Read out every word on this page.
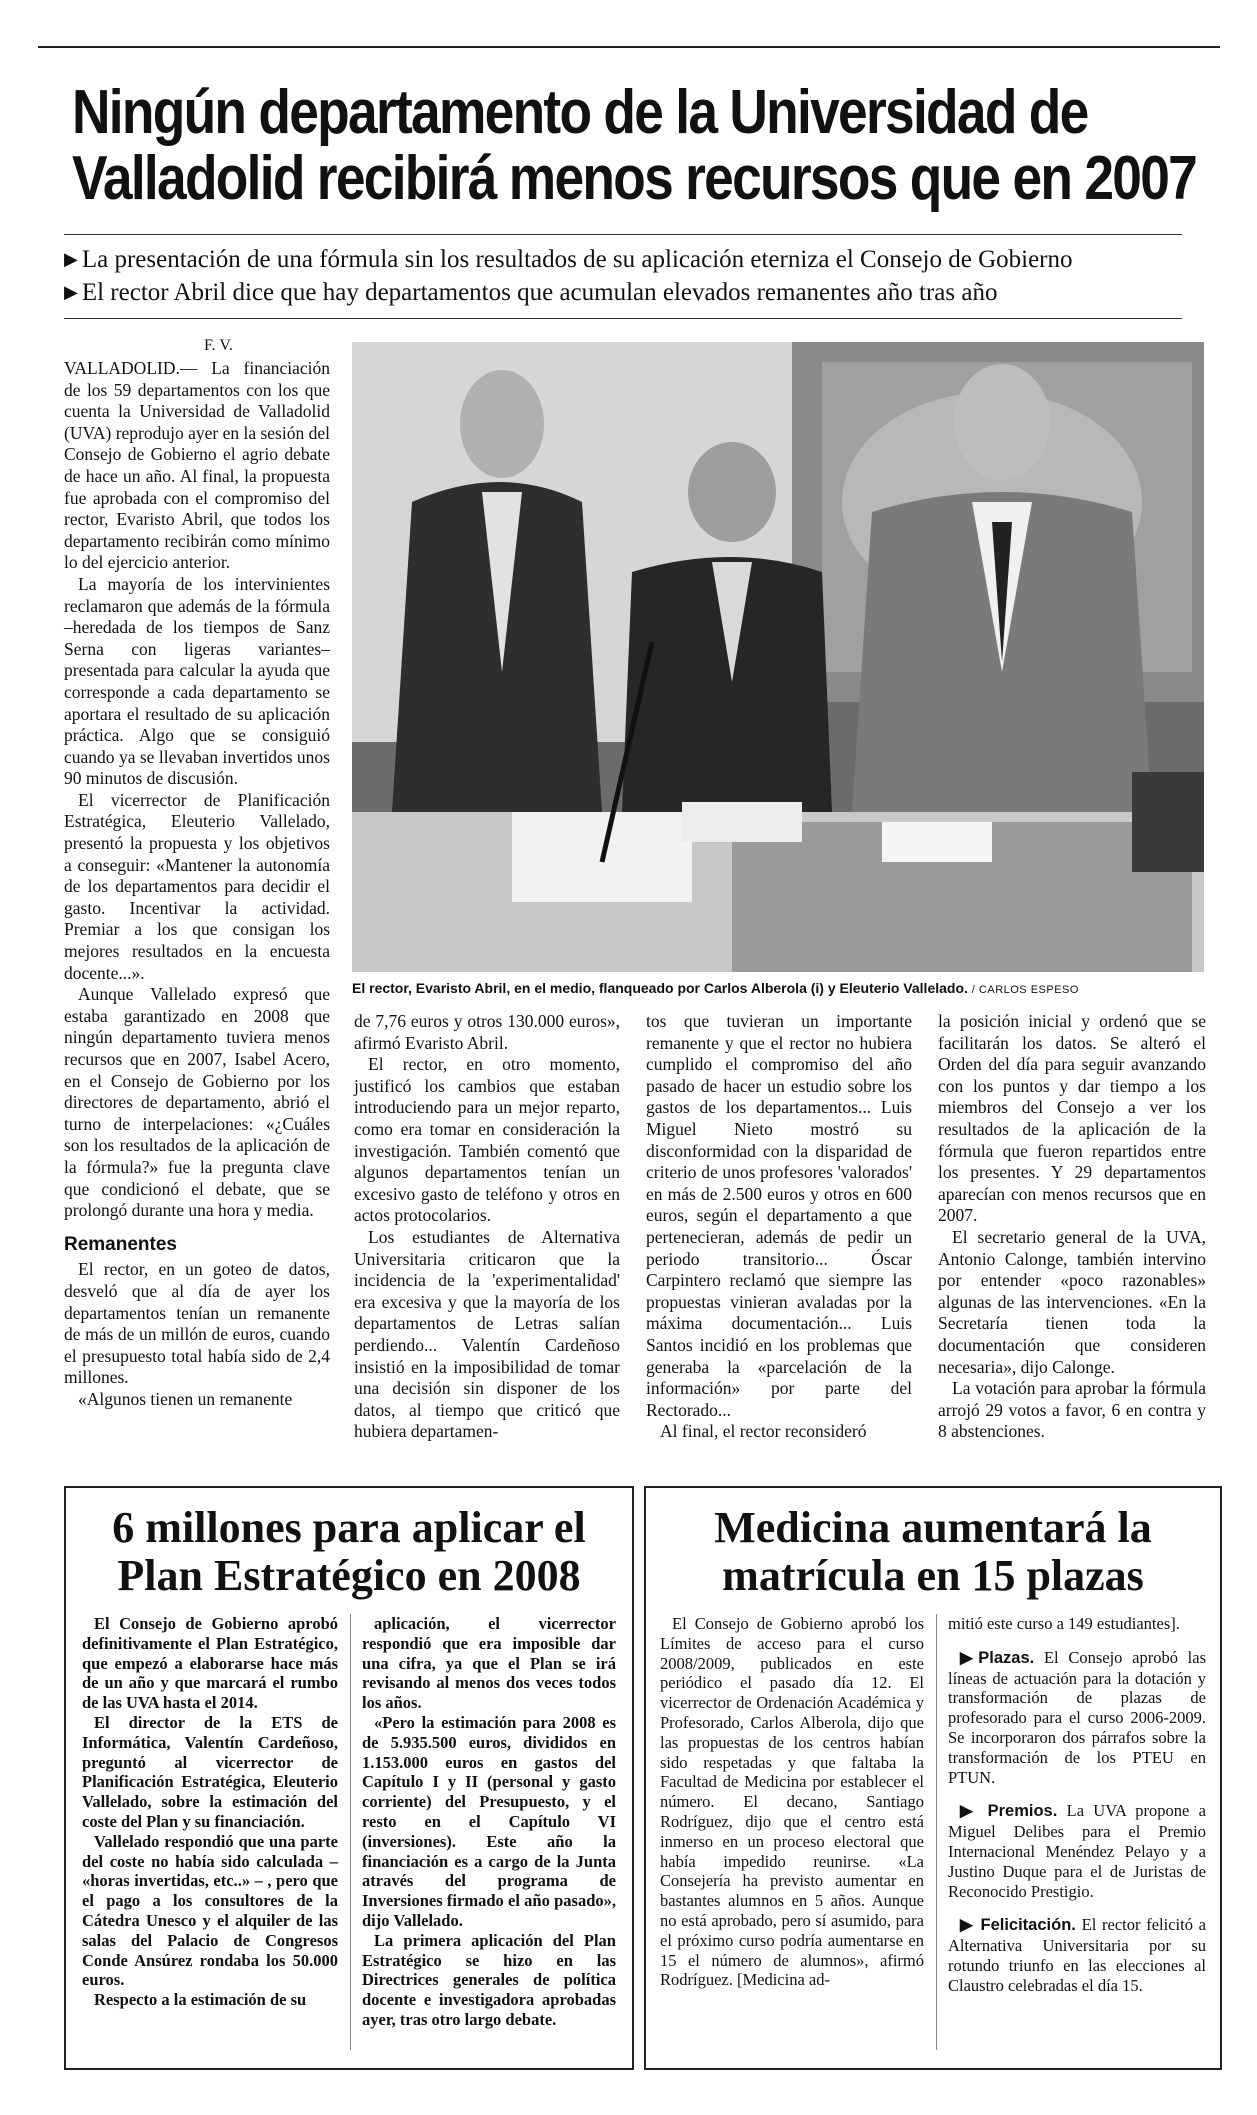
Ningún departamento de la Universidad de
Valladolid recibirá menos recursos que en 2007
▶ La presentación de una fórmula sin los resultados de su aplicación eterniza el Consejo de Gobierno
▶ El rector Abril dice que hay departamentos que acumulan elevados remanentes año tras año
F. V.

VALLADOLID.— La financiación de los 59 departamentos con los que cuenta la Universidad de Valladolid (UVA) reprodujo ayer en la sesión del Consejo de Gobierno el agrio debate de hace un año. Al final, la propuesta fue aprobada con el compromiso del rector, Evaristo Abril, que todos los departamento recibirán como mínimo lo del ejercicio anterior.

La mayoría de los intervinientes reclamaron que además de la fórmula –heredada de los tiempos de Sanz Serna con ligeras variantes– presentada para calcular la ayuda que corresponde a cada departamento se aportara el resultado de su aplicación práctica. Algo que se consiguió cuando ya se llevaban invertidos unos 90 minutos de discusión.

El vicerrector de Planificación Estratégica, Eleuterio Vallelado, presentó la propuesta y los objetivos a conseguir: «Mantener la autonomía de los departamentos para decidir el gasto. Incentivar la actividad. Premiar a los que consigan los mejores resultados en la encuesta docente...».

Aunque Vallelado expresó que estaba garantizado en 2008 que ningún departamento tuviera menos recursos que en 2007, Isabel Acero, en el Consejo de Gobierno por los directores de departamento, abrió el turno de interpelaciones: «¿Cuáles son los resultados de la aplicación de la fórmula?» fue la pregunta clave que condicionó el debate, que se prolongó durante una hora y media.

Remanentes

El rector, en un goteo de datos, desveló que al día de ayer los departamentos tenían un remanente de más de un millón de euros, cuando el presupuesto total había sido de 2,4 millones.

«Algunos tienen un remanente

El rector, Evaristo Abril, en el medio, flanqueado por Carlos Alberola (i) y Eleuterio Vallelado. / CARLOS ESPESO

de 7,76 euros y otros 130.000 euros», afirmó Evaristo Abril.

El rector, en otro momento, justificó los cambios que estaban introduciendo para un mejor reparto, como era tomar en consideración la investigación. También comentó que algunos departamentos tenían un excesivo gasto de teléfono y otros en actos protocolarios.

Los estudiantes de Alternativa Universitaria criticaron que la incidencia de la 'experimentalidad' era excesiva y que la mayoría de los departamentos de Letras salían perdiendo... Valentín Cardeñoso insistió en la imposibilidad de tomar una decisión sin disponer de los datos, al tiempo que criticó que hubiera departamen-

tos que tuvieran un importante remanente y que el rector no hubiera cumplido el compromiso del año pasado de hacer un estudio sobre los gastos de los departamentos... Luis Miguel Nieto mostró su disconformidad con la disparidad de criterio de unos profesores 'valorados' en más de 2.500 euros y otros en 600 euros, según el departamento a que pertenecieran, además de pedir un periodo transitorio... Óscar Carpintero reclamó que siempre las propuestas vinieran avaladas por la máxima documentación... Luis Santos incidió en los problemas que generaba la «parcelación de la información» por parte del Rectorado...

Al final, el rector reconsideró

la posición inicial y ordenó que se facilitarán los datos. Se alteró el Orden del día para seguir avanzando con los puntos y dar tiempo a los miembros del Consejo a ver los resultados de la aplicación de la fórmula que fueron repartidos entre los presentes. Y 29 departamentos aparecían con menos recursos que en 2007.

El secretario general de la UVA, Antonio Calonge, también intervino por entender «poco razonables» algunas de las intervenciones. «En la Secretaría tienen toda la documentación que consideren necesaria», dijo Calonge.

La votación para aprobar la fórmula arrojó 29 votos a favor, 6 en contra y 8 abstenciones.

6 millones para aplicar el
Plan Estratégico en 2008

El Consejo de Gobierno aprobó definitivamente el Plan Estratégico, que empezó a elaborarse hace más de un año y que marcará el rumbo de las UVA hasta el 2014.

El director de la ETS de Informática, Valentín Cardeñoso, preguntó al vicerrector de Planificación Estratégica, Eleuterio Vallelado, sobre la estimación del coste del Plan y su financiación.

Vallelado respondió que una parte del coste no había sido calculada – «horas invertidas, etc..» – , pero que el pago a los consultores de la Cátedra Unesco y el alquiler de las salas del Palacio de Congresos Conde Ansúrez rondaba los 50.000 euros.

Respecto a la estimación de su

aplicación, el vicerrector respondió que era imposible dar una cifra, ya que el Plan se irá revisando al menos dos veces todos los años.

«Pero la estimación para 2008 es de 5.935.500 euros, divididos en 1.153.000 euros en gastos del Capítulo I y II (personal y gasto corriente) del Presupuesto, y el resto en el Capítulo VI (inversiones). Este año la financiación es a cargo de la Junta através del programa de Inversiones firmado el año pasado», dijo Vallelado.

La primera aplicación del Plan Estratégico se hizo en las Directrices generales de política docente e investigadora aprobadas ayer, tras otro largo debate.

Medicina aumentará la
matrícula en 15 plazas

El Consejo de Gobierno aprobó los Límites de acceso para el curso 2008/2009, publicados en este periódico el pasado día 12. El vicerrector de Ordenación Académica y Profesorado, Carlos Alberola, dijo que las propuestas de los centros habían sido respetadas y que faltaba la Facultad de Medicina por establecer el número. El decano, Santiago Rodríguez, dijo que el centro está inmerso en un proceso electoral que había impedido reunirse. «La Consejería ha previsto aumentar en bastantes alumnos en 5 años. Aunque no está aprobado, pero sí asumido, para el próximo curso podría aumentarse en 15 el número de alumnos», afirmó Rodríguez. [Medicina ad-

mitió este curso a 149 estudiantes].

▶Plazas. El Consejo aprobó las líneas de actuación para la dotación y transformación de plazas de profesorado para el curso 2006-2009. Se incorporaron dos párrafos sobre la transformación de los PTEU en PTUN.

▶ Premios. La UVA propone a Miguel Delibes para el Premio Internacional Menéndez Pelayo y a Justino Duque para el de Juristas de Reconocido Prestigio.

▶ Felicitación. El rector felicitó a Alternativa Universitaria por su rotundo triunfo en las elecciones al Claustro celebradas el día 15.
